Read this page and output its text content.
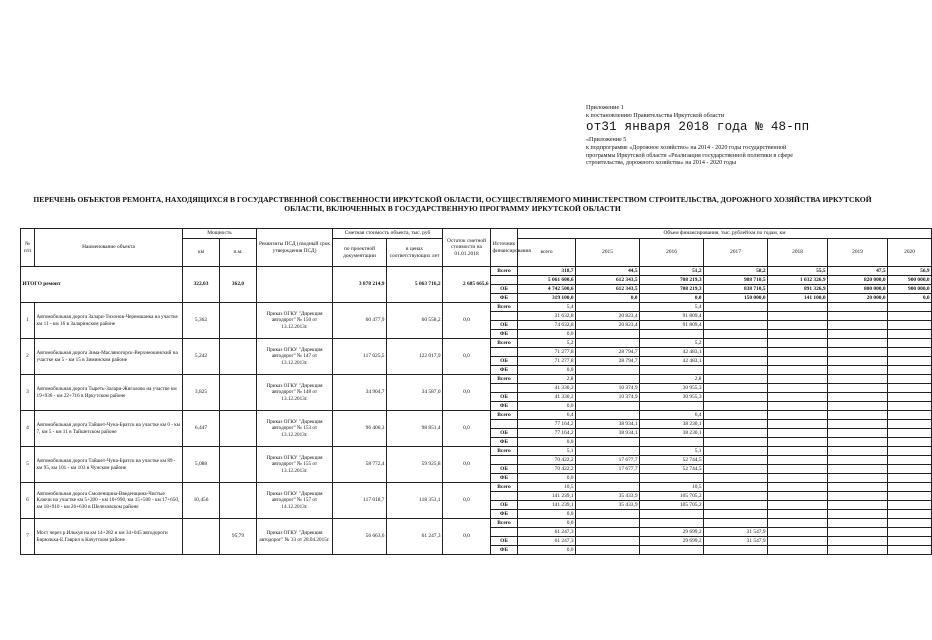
Приложение 1
к постановлению Правительства Иркутской области
от31 января 2018 года № 48-пп
«Приложение 5
к подпрограмме «Дорожное хозяйство» на 2014 - 2020 годы государственной
программы Иркутской области «Реализация государственной политики в сфере
строительства, дорожного хозяйства» на 2014 - 2020 годы
ПЕРЕЧЕНЬ ОБЪЕКТОВ РЕМОНТА, НАХОДЯЩИХСЯ В ГОСУДАРСТВЕННОЙ СОБСТВЕННОСТИ ИРКУТСКОЙ ОБЛАСТИ, ОСУЩЕСТВЛЯЕМОГО МИНИСТЕРСТВОМ СТРОИТЕЛЬСТВА, ДОРОЖНОГО ХОЗЯЙСТВА ИРКУТСКОЙ
ОБЛАСТИ, ВКЛЮЧЕННЫХ В ГОСУДАРСТВЕННУЮ ПРОГРАММУ ИРКУТСКОЙ ОБЛАСТИ
№ п/п	Наименование объекта	Мощность		Реквизиты ПСД (сводный срок утверждения ПСД)	Сметная стоимость объекта, тыс. руб		Остаток сметной стоимости на 01.01.2018	Источник финансирования	Объем финансирования, тыс. рублей/км по годам, км						
		км	п.м.		по проектной документации	в ценах соответствующих лет			всего	2015	2016	2017	2018	2019	2020

ИТОГО ремонт		322,03	362,0		3 878 214,9	5 063 716,2	2 685 665,6	Всего	318,7	44,5	51,2	58,2	55,5	47,5	56,9
									5 061 600,6	612 343,5	708 219,3	988 710,5	1 032 326,9	820 000,0	900 000,0
								ОБ	4 742 500,6	612 343,5	708 219,3	838 710,5	891 326,9	800 000,0	900 000,0
								ФБ	319 100,0	0,0	0,0	150 000,0	141 100,0	20 000,0	0,0
1	Автомобильная дорога Залари-Тихонов-Черемшанка на участке км 11 - км 16 в Заларинском районе	5,362		Приказ ОГКУ "Дирекция автодорог" № 150 от 13.12.2013г.	60 477,9	60 558,2	0,0	Всего	5,4		5,4				
									31 632,8	20 823,4	91 809,4				
								ОБ	74 632,8	20 823,4	91 809,4				
								ФБ	0,0						
2	Автомобильная дорога Зима-Масляногорск-Верхнеокинский на участке км 5 - км 15 в Зиминском районе	5,242		Приказ ОГКУ "Дирекция автодорог" № 147 от 13.12.2013г.	117 025,5	122 017,9	0,0	Всего	5,2		5,2				
									71 277,8	28 794,7	42 483,1				
								ОБ	71 277,8	28 794,7	42 483,1				
								ФБ	0,0						
3	Автомобильная дорога Тыреть-Залари-Жигалово на участке км 19+936 - км 22+716 в Иркутском районе	3,825		Приказ ОГКУ "Дирекция автодорог" № 148 от 13.12.2013г.	34 904,7	34 587,0	0,0	Всего	2,8		2,8				
									41 330,2	10 374,9	30 955,3				
								ОБ	41 330,2	10 374,9	30 955,3				
								ФБ	0,0						
4	Автомобильная дорога Тайшет-Чуна-Братск на участке км 0 - км 7, км 5 - км 11 в Тайшетском районе	6,447		Приказ ОГКУ "Дирекция автодорог" № 153 от 13.12.2013г.	96 406,3	98 851,4	0,0	Всего	6,4		6,4				
									77 164,2	38 934,1	38 230,1				
								ОБ	77 164,2	38 934,1	38 230,1				
								ФБ	0,0						
5	Автомобильная дорога Тайшет-Чуна-Братск на участке км 89 - км 95, км 101 - км 103 в Чунском районе	5,088		Приказ ОГКУ "Дирекция автодорог" № 155 от 13.12.2013г.	58 772,4	59 925,8	0,0	Всего	5,1		5,1				
									70 422,2	17 677,7	52 744,5				
								ОБ	70 422,2	17 677,7	52 744,5				
								ФБ	0,0						
6	Автомобильная дорога Смоленщина-Введенщина-Чистые Ключи на участке км 5+200 - км 10+990, км 15+500 - км 17+650, км 18+910 - км 26+630 в Шелеховском районе	10,456		Приказ ОГКУ "Дирекция автодорог" № 157 от 14.12.2013г.	117 018,7	118 353,1	0,0	Всего	10,5		10,5				
									141 239,1	35 433,9	105 705,2				
								ОБ	141 239,1	35 433,9	105 705,2				
								ФБ	0,0						
7	Мост через р.Илькуя на км 14+282 и км 34+045 автодороги Бирюлька-Е.Гаврил в Качугском районе		95,79	Приказ ОГКУ "Дирекция автодорог" № 33 от 28.04.2015г.	56 663,6	61 247,3	0,0	Всего	0,0						
									61 247,3		29 699,2	31 547,9			
								ОБ	61 247,3		29 699,2	31 547,9			
								ФБ	0,0						
